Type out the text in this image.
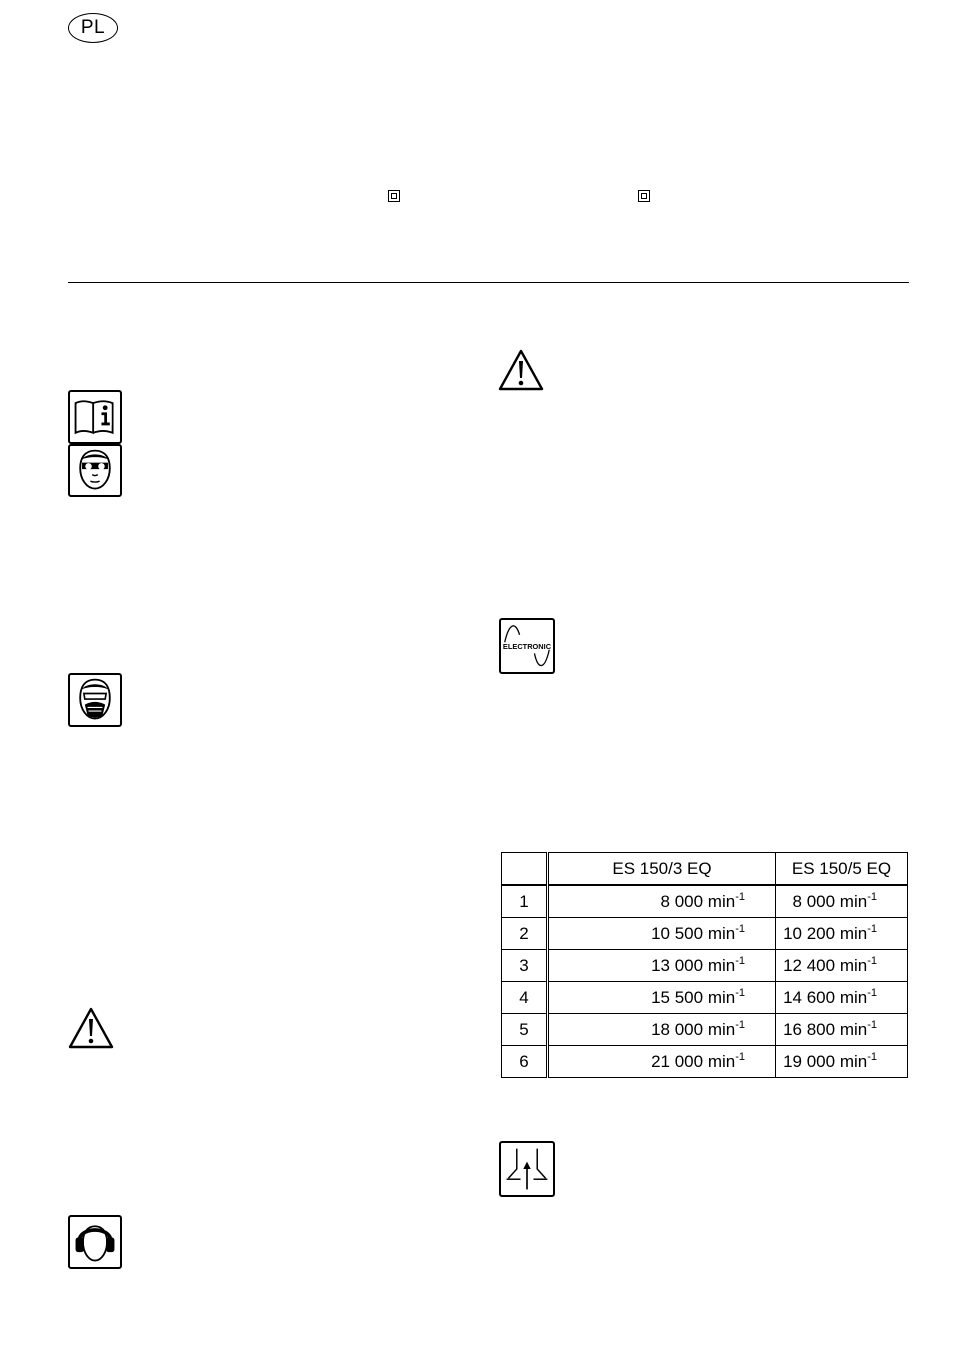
PL
ELECTRONIC
	ES 150/3 EQ	ES 150/5 EQ
1	8 000 $\min^{-1}$	8 000 $\min^{-1}$
2	10 500 $\min^{-1}$	10 200 $\min^{-1}$
3	13 000 $\min^{-1}$	12 400 $\min^{-1}$
4	15 500 $\min^{-1}$	14 600 $\min^{-1}$
5	18 000 $\min^{-1}$	16 800 $\min^{-1}$
6	21 000 $\min^{-1}$	19 000 $\min^{-1}$
